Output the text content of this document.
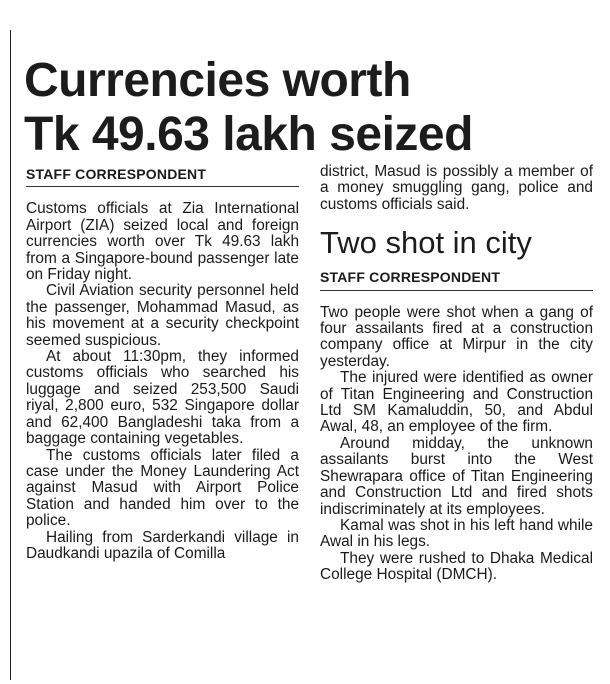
Currencies worth
Tk 49.63 lakh seized
STAFF CORRESPONDENT

Customs officials at Zia International Airport (ZIA) seized local and foreign currencies worth over Tk 49.63 lakh from a Singapore-bound passenger late on Friday night.

Civil Aviation security personnel held the passenger, Mohammad Masud, as his movement at a security checkpoint seemed suspicious.

At about 11:30pm, they informed customs officials who searched his luggage and seized 253,500 Saudi riyal, 2,800 euro, 532 Singapore dollar and 62,400 Bangladeshi taka from a baggage containing vegetables.

The customs officials later filed a case under the Money Laundering Act against Masud with Airport Police Station and handed him over to the police.

Hailing from Sarderkandi village in Daudkandi upazila of Comilla

district, Masud is possibly a member of a money smuggling gang, police and customs officials said.

Two shot in city
STAFF CORRESPONDENT

Two people were shot when a gang of four assailants fired at a construction company office at Mirpur in the city yesterday.

The injured were identified as owner of Titan Engineering and Construction Ltd SM Kamaluddin, 50, and Abdul Awal, 48, an employee of the firm.

Around midday, the unknown assailants burst into the West Shewrapara office of Titan Engineering and Construction Ltd and fired shots indiscriminately at its employees.

Kamal was shot in his left hand while Awal in his legs.

They were rushed to Dhaka Medical College Hospital (DMCH).
